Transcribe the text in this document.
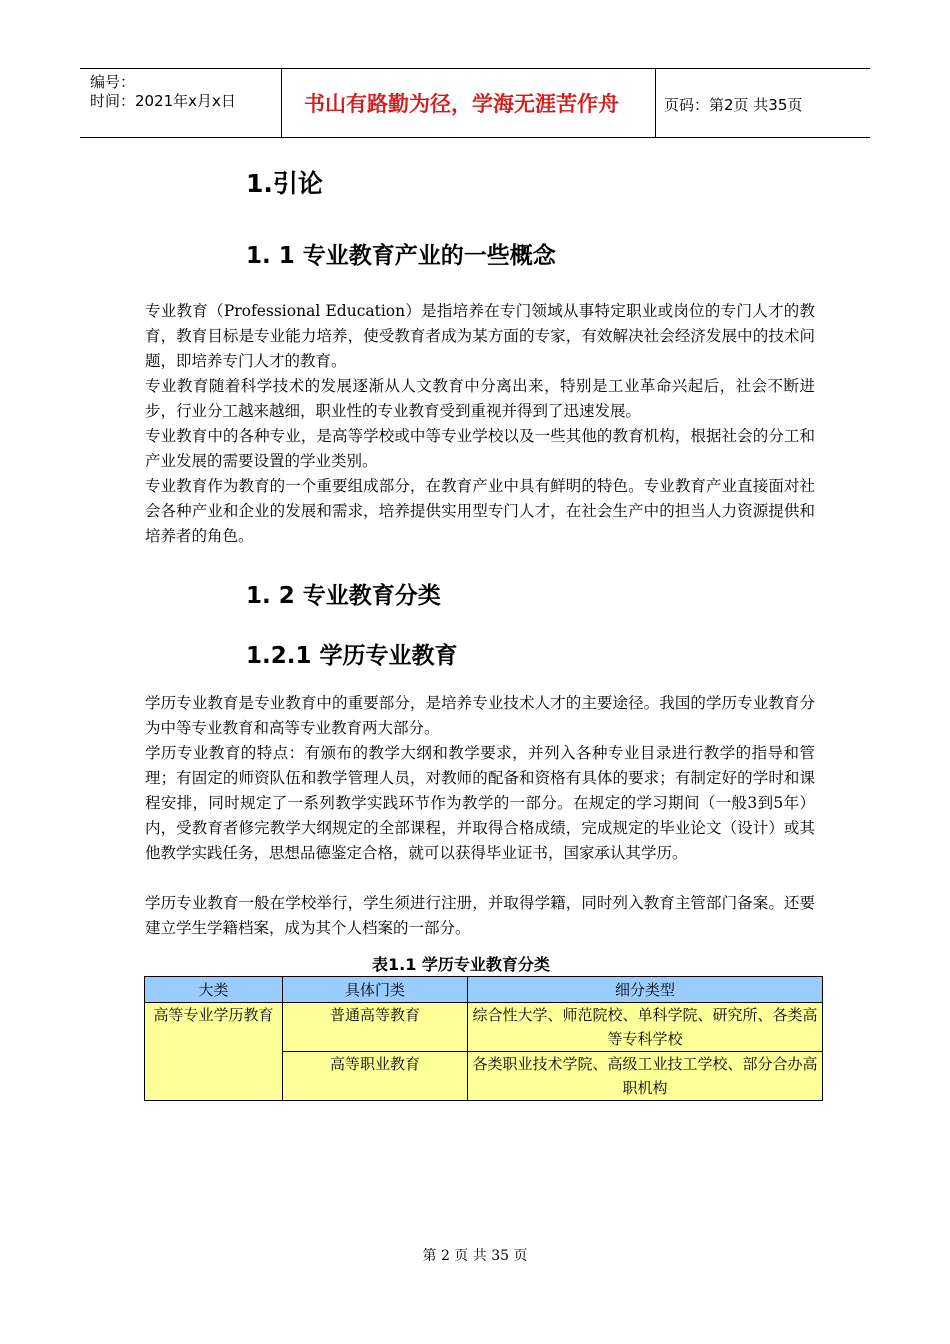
编号：
时间：2021年x月x日	书山有路勤为径，学海无涯苦作舟	页码：第2页 共35页
1.引论
1. 1 专业教育产业的一些概念

专业教育（Professional Education）是指培养在专门领域从事特定职业或岗位的专门人才的教育，教育目标是专业能力培养，使受教育者成为某方面的专家，有效解决社会经济发展中的技术问题，即培养专门人才的教育。

专业教育随着科学技术的发展逐渐从人文教育中分离出来，特别是工业革命兴起后，社会不断进步，行业分工越来越细，职业性的专业教育受到重视并得到了迅速发展。

专业教育中的各种专业，是高等学校或中等专业学校以及一些其他的教育机构，根据社会的分工和产业发展的需要设置的学业类别。

专业教育作为教育的一个重要组成部分，在教育产业中具有鲜明的特色。专业教育产业直接面对社会各种产业和企业的发展和需求，培养提供实用型专门人才，在社会生产中的担当人力资源提供和培养者的角色。

1. 2 专业教育分类
1.2.1 学历专业教育

学历专业教育是专业教育中的重要部分，是培养专业技术人才的主要途径。我国的学历专业教育分为中等专业教育和高等专业教育两大部分。

学历专业教育的特点：有颁布的教学大纲和教学要求，并列入各种专业目录进行教学的指导和管理；有固定的师资队伍和教学管理人员，对教师的配备和资格有具体的要求；有制定好的学时和课程安排，同时规定了一系列教学实践环节作为教学的一部分。在规定的学习期间（一般3到5年）内，受教育者修完教学大纲规定的全部课程，并取得合格成绩，完成规定的毕业论文（设计）或其他教学实践任务，思想品德鉴定合格，就可以获得毕业证书，国家承认其学历。

学历专业教育一般在学校举行，学生须进行注册，并取得学籍，同时列入教育主管部门备案。还要建立学生学籍档案，成为其个人档案的一部分。

表1.1 学历专业教育分类
大类	具体门类	细分类型
高等专业学历教育	普通高等教育	综合性大学、师范院校、单科学院、研究所、各类高等专科学校
	高等职业教育	各类职业技术学院、高级工业技工学校、部分合办高职机构
第 2 页 共 35 页
